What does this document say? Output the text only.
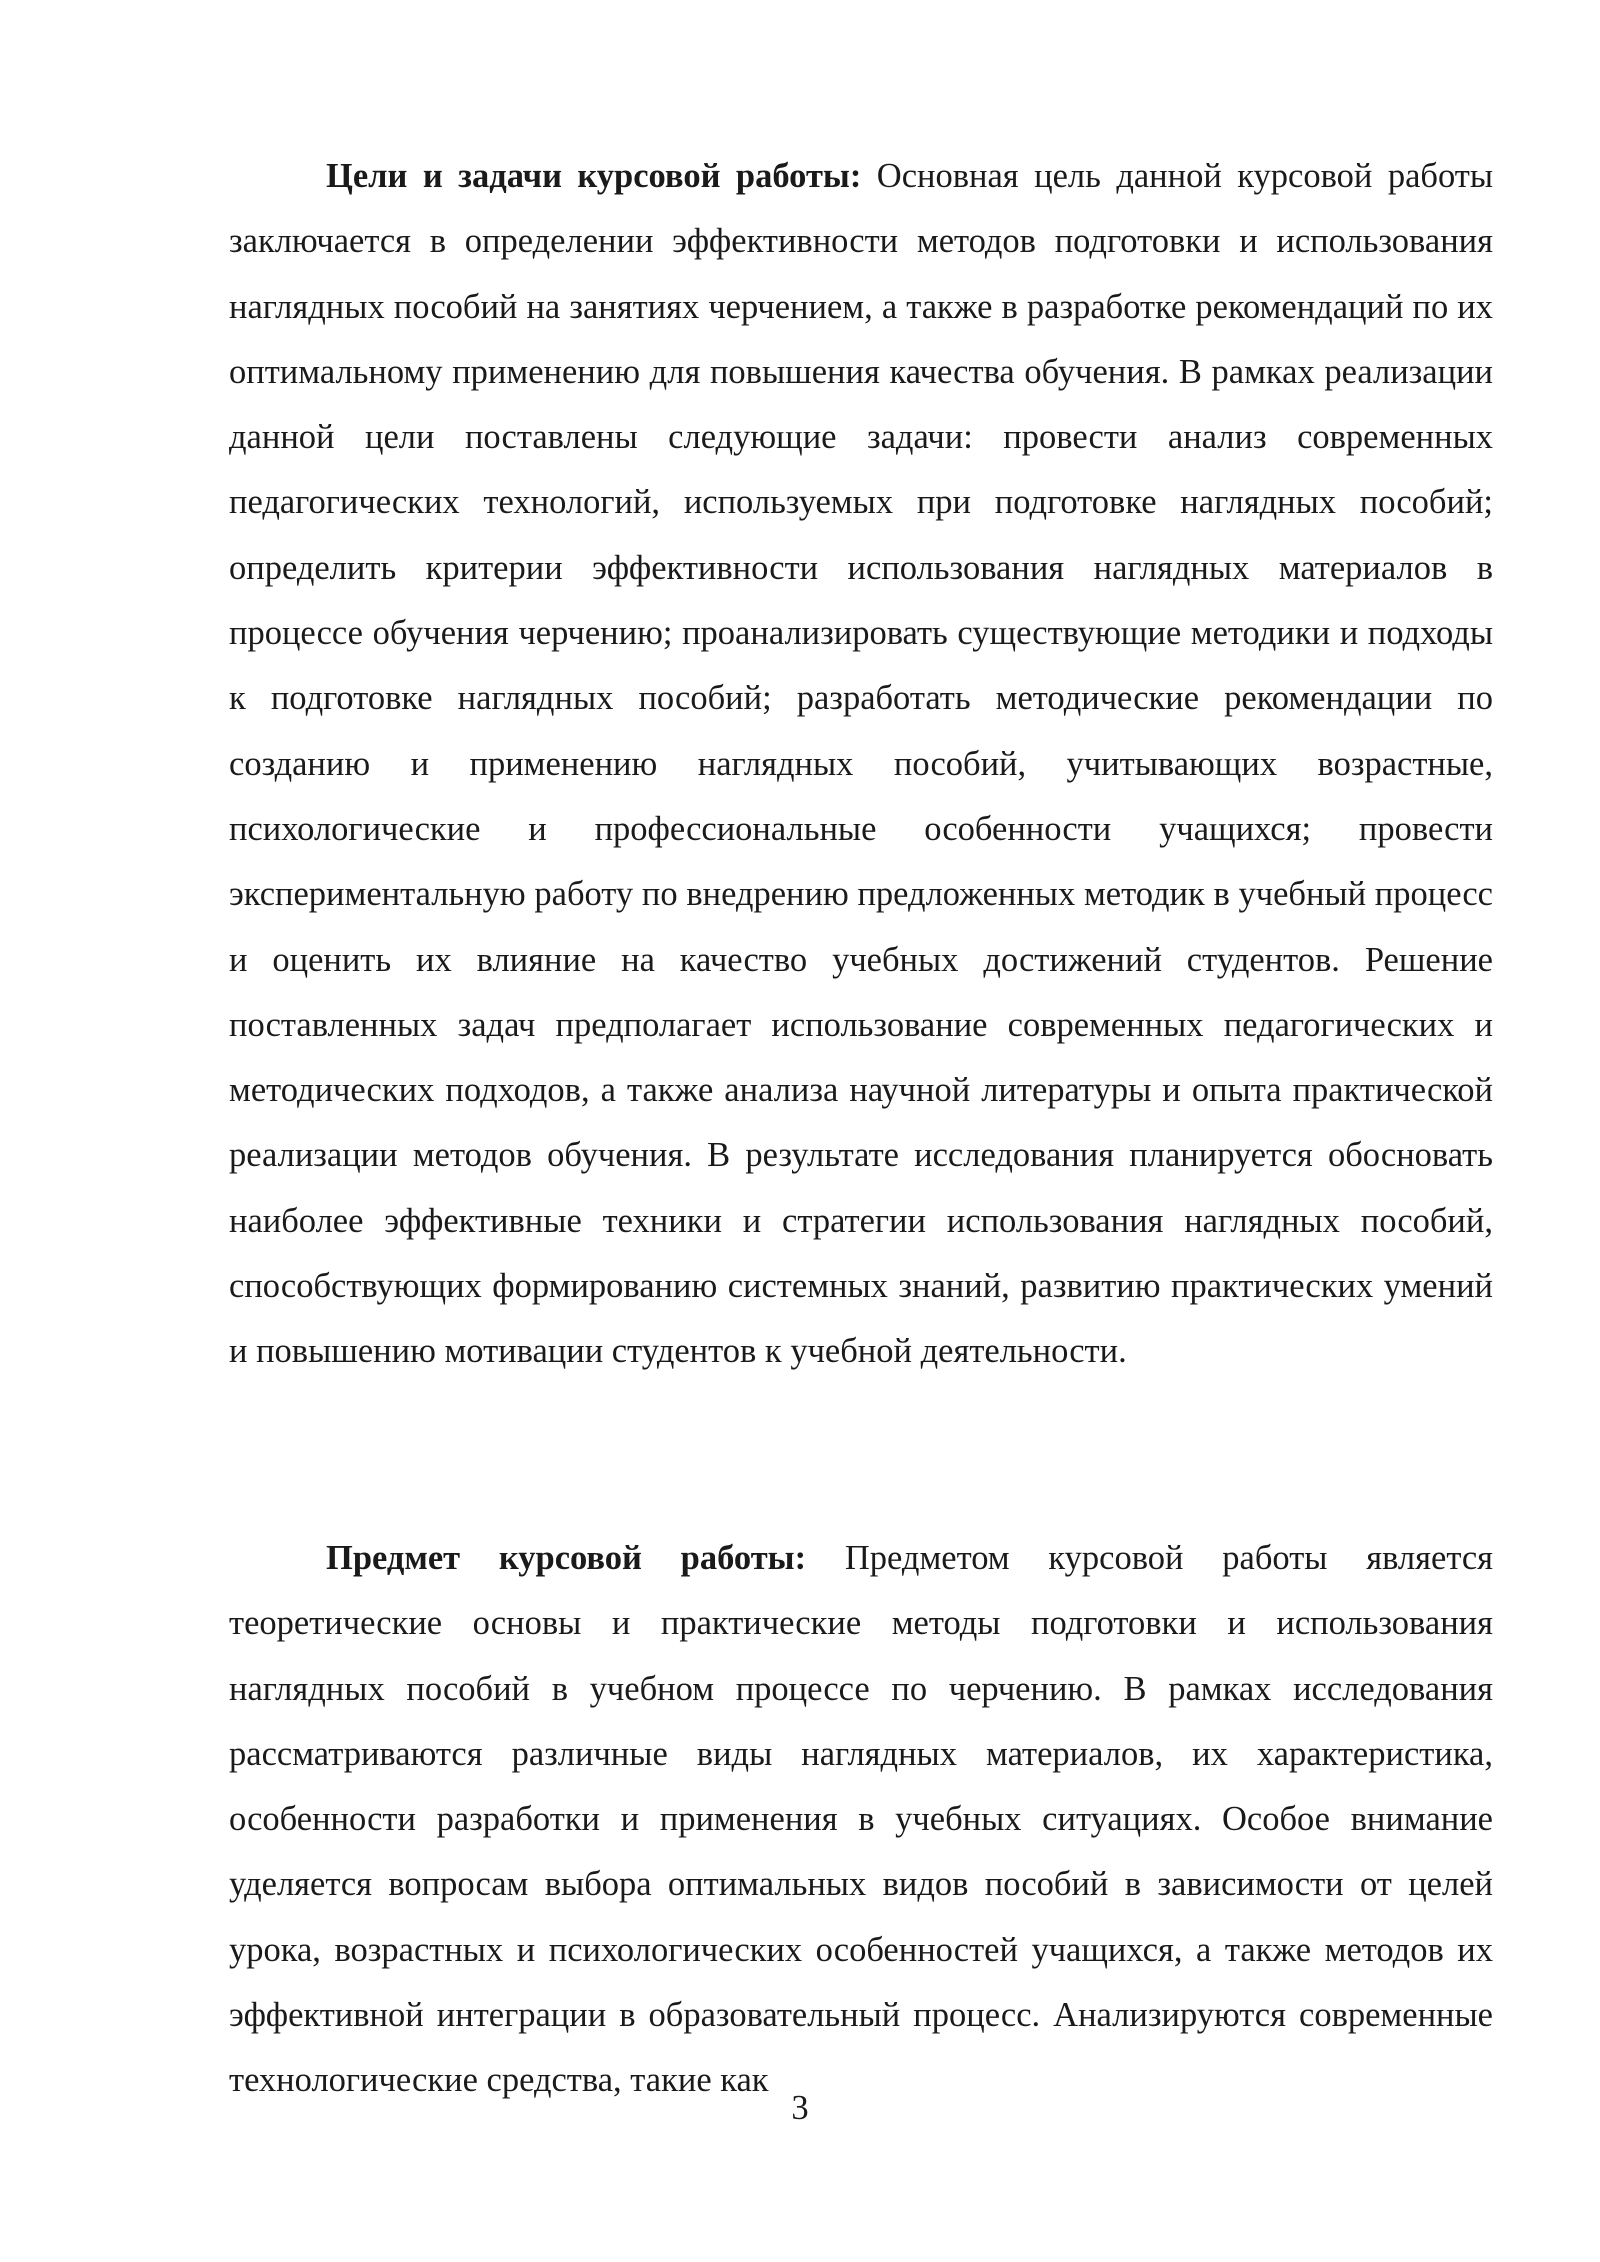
Цели и задачи курсовой работы: Основная цель данной курсовой работы заключается в определении эффективности методов подготовки и использования наглядных пособий на занятиях черчением, а также в разработке рекомендаций по их оптимальному применению для повышения качества обучения. В рамках реализации данной цели поставлены следующие задачи: провести анализ современных педагогических технологий, используемых при подготовке наглядных пособий; определить критерии эффективности использования наглядных материалов в процессе обучения черчению; проанализировать существующие методики и подходы к подготовке наглядных пособий; разработать методические рекомендации по созданию и применению наглядных пособий, учитывающих возрастные, психологические и профессиональные особенности учащихся; провести экспериментальную работу по внедрению предложенных методик в учебный процесс и оценить их влияние на качество учебных достижений студентов. Решение поставленных задач предполагает использование современных педагогических и методических подходов, а также анализа научной литературы и опыта практической реализации методов обучения. В результате исследования планируется обосновать наиболее эффективные техники и стратегии использования наглядных пособий, способствующих формированию системных знаний, развитию практических умений и повышению мотивации студентов к учебной деятельности.

Предмет курсовой работы: Предметом курсовой работы является теоретические основы и практические методы подготовки и использования наглядных пособий в учебном процессе по черчению. В рамках исследования рассматриваются различные виды наглядных материалов, их характеристика, особенности разработки и применения в учебных ситуациях. Особое внимание уделяется вопросам выбора оптимальных видов пособий в зависимости от целей урока, возрастных и психологических особенностей учащихся, а также методов их эффективной интеграции в образовательный процесс. Анализируются современные технологические средства, такие как

3
